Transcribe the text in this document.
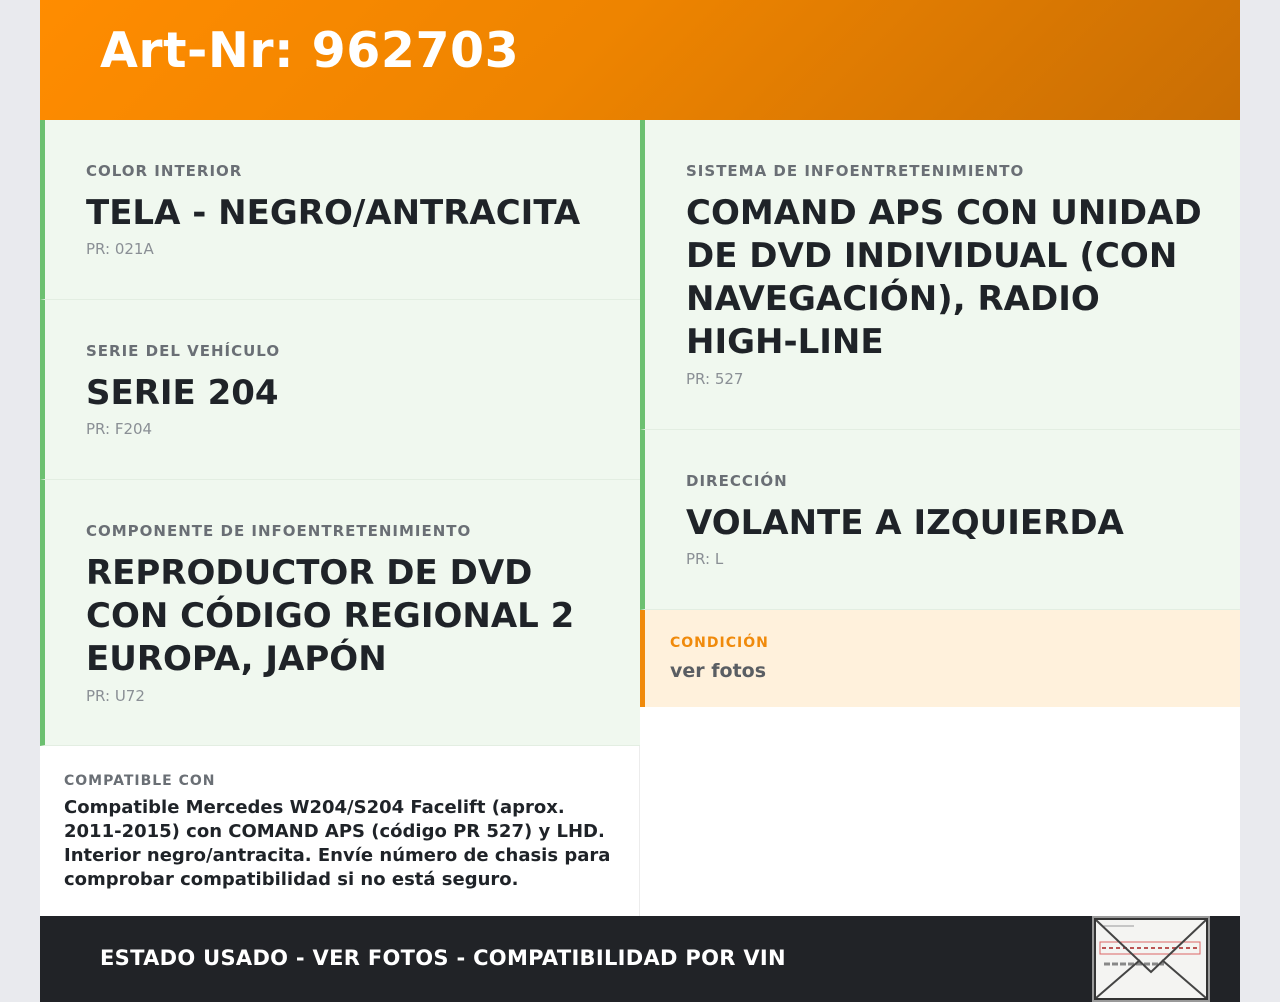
Art-Nr: 962703
COLOR INTERIOR
TELA - NEGRO/ANTRACITA
PR: 021A
SERIE DEL VEHÍCULO
SERIE 204
PR: F204
COMPONENTE DE INFOENTRETENIMIENTO
REPRODUCTOR DE DVD CON CÓDIGO REGIONAL 2 EUROPA, JAPÓN
PR: U72
COMPATIBLE CON

Compatible Mercedes W204/S204 Facelift (aprox. 2011-2015) con COMAND APS (código PR 527) y LHD. Interior negro/antracita. Envíe número de chasis para comprobar compatibilidad si no está seguro.

SISTEMA DE INFOENTRETENIMIENTO
COMAND APS CON UNIDAD DE DVD INDIVIDUAL (CON NAVEGACIÓN), RADIO HIGH-LINE
PR: 527
DIRECCIÓN
VOLANTE A IZQUIERDA
PR: L
CONDICIÓN
ver fotos
ESTADO USADO - VER FOTOS - COMPATIBILIDAD POR VIN
